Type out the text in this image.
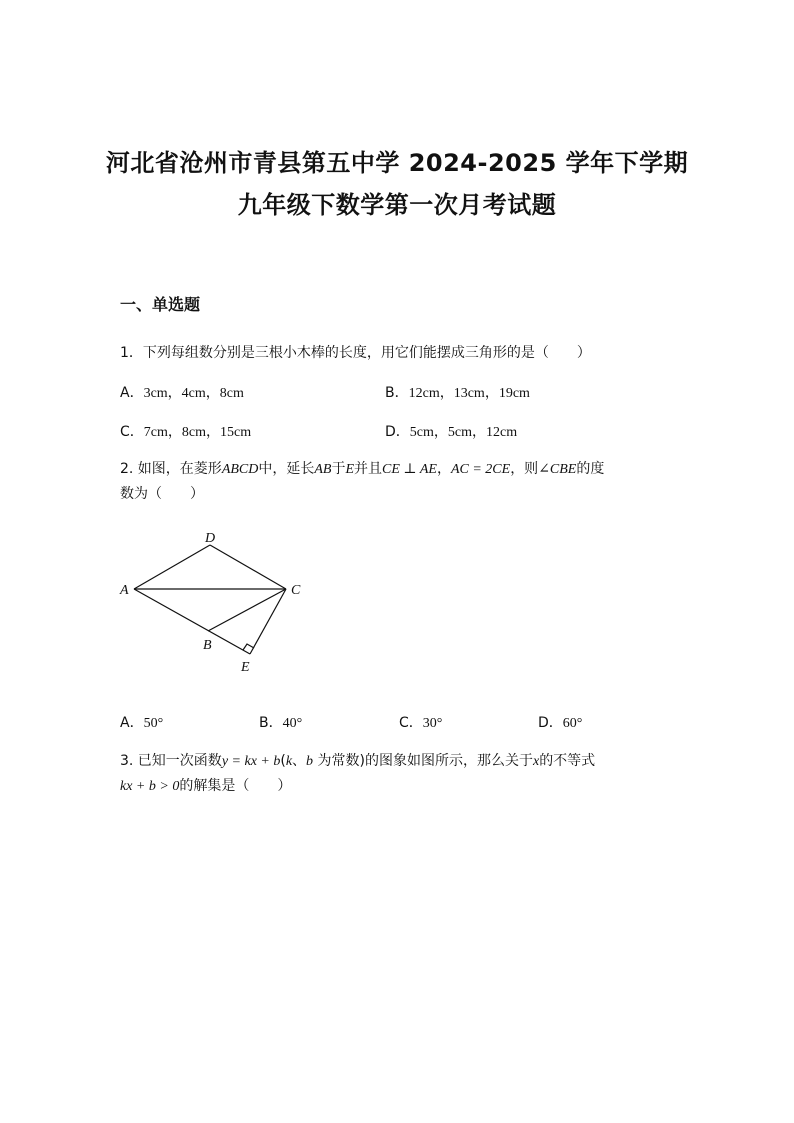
河北省沧州市青县第五中学 2024-2025 学年下学期
九年级下数学第一次月考试题
一、单选题
1．下列每组数分别是三根小木棒的长度，用它们能摆成三角形的是（　　）
A．3cm，4cm，8cm	B．12cm，13cm，19cm
C．7cm，8cm，15cm	D．5cm，5cm，12cm
2. 如图，在菱形ABCD中，延长AB于E并且CE ⊥ AE，AC = 2CE，则∠CBE的度
数为（　　）
D
A	C
B
E
A．50°	B．40°	C．30°	D．60°
3. 已知一次函数y = kx + b(k、b 为常数)的图象如图所示，那么关于x的不等式
kx + b > 0的解集是（　　）
